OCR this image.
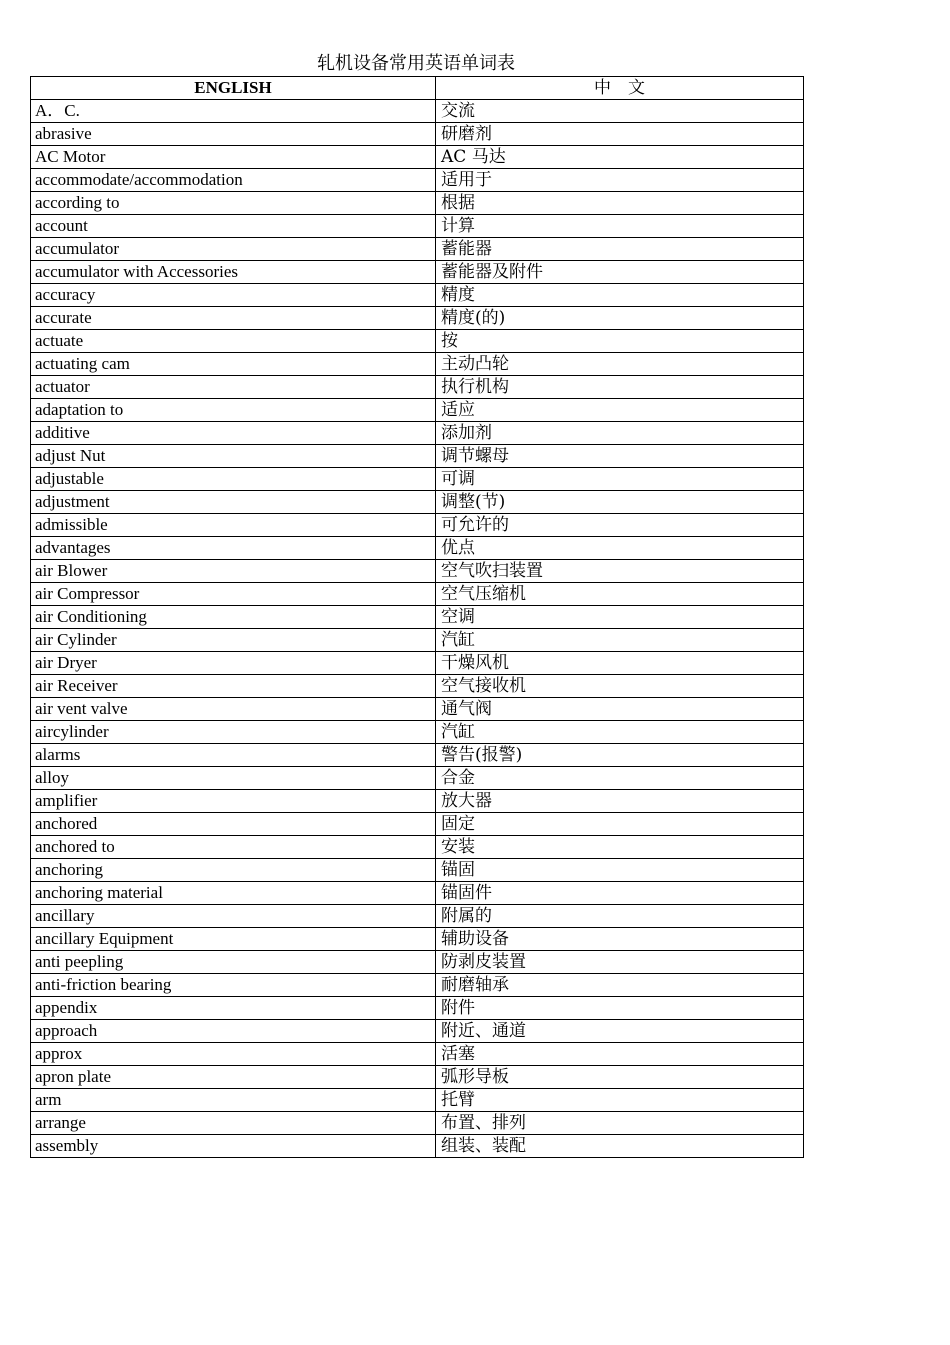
轧机设备常用英语单词表
ENGLISH	中　文
A．C.	交流
abrasive	研磨剂
AC Motor	AC 马达
accommodate/accommodation	适用于
according to	根据
account	计算
accumulator	蓄能器
accumulator with Accessories	蓄能器及附件
accuracy	精度
accurate	精度(的)
actuate	按
actuating cam	主动凸轮
actuator	执行机构
adaptation to	适应
additive	添加剂
adjust Nut	调节螺母
adjustable	可调
adjustment	调整(节)
admissible	可允许的
advantages	优点
air Blower	空气吹扫装置
air Compressor	空气压缩机
air Conditioning	空调
air Cylinder	汽缸
air Dryer	干燥风机
air Receiver	空气接收机
air vent valve	通气阀
aircylinder	汽缸
alarms	警告(报警)
alloy	合金
amplifier	放大器
anchored	固定
anchored to	安装
anchoring	锚固
anchoring material	锚固件
ancillary	附属的
ancillary Equipment	辅助设备
anti peepling	防剥皮装置
anti-friction bearing	耐磨轴承
appendix	附件
approach	附近、通道
approx	活塞
apron plate	弧形导板
arm	托臂
arrange	布置、排列
assembly	组装、装配
